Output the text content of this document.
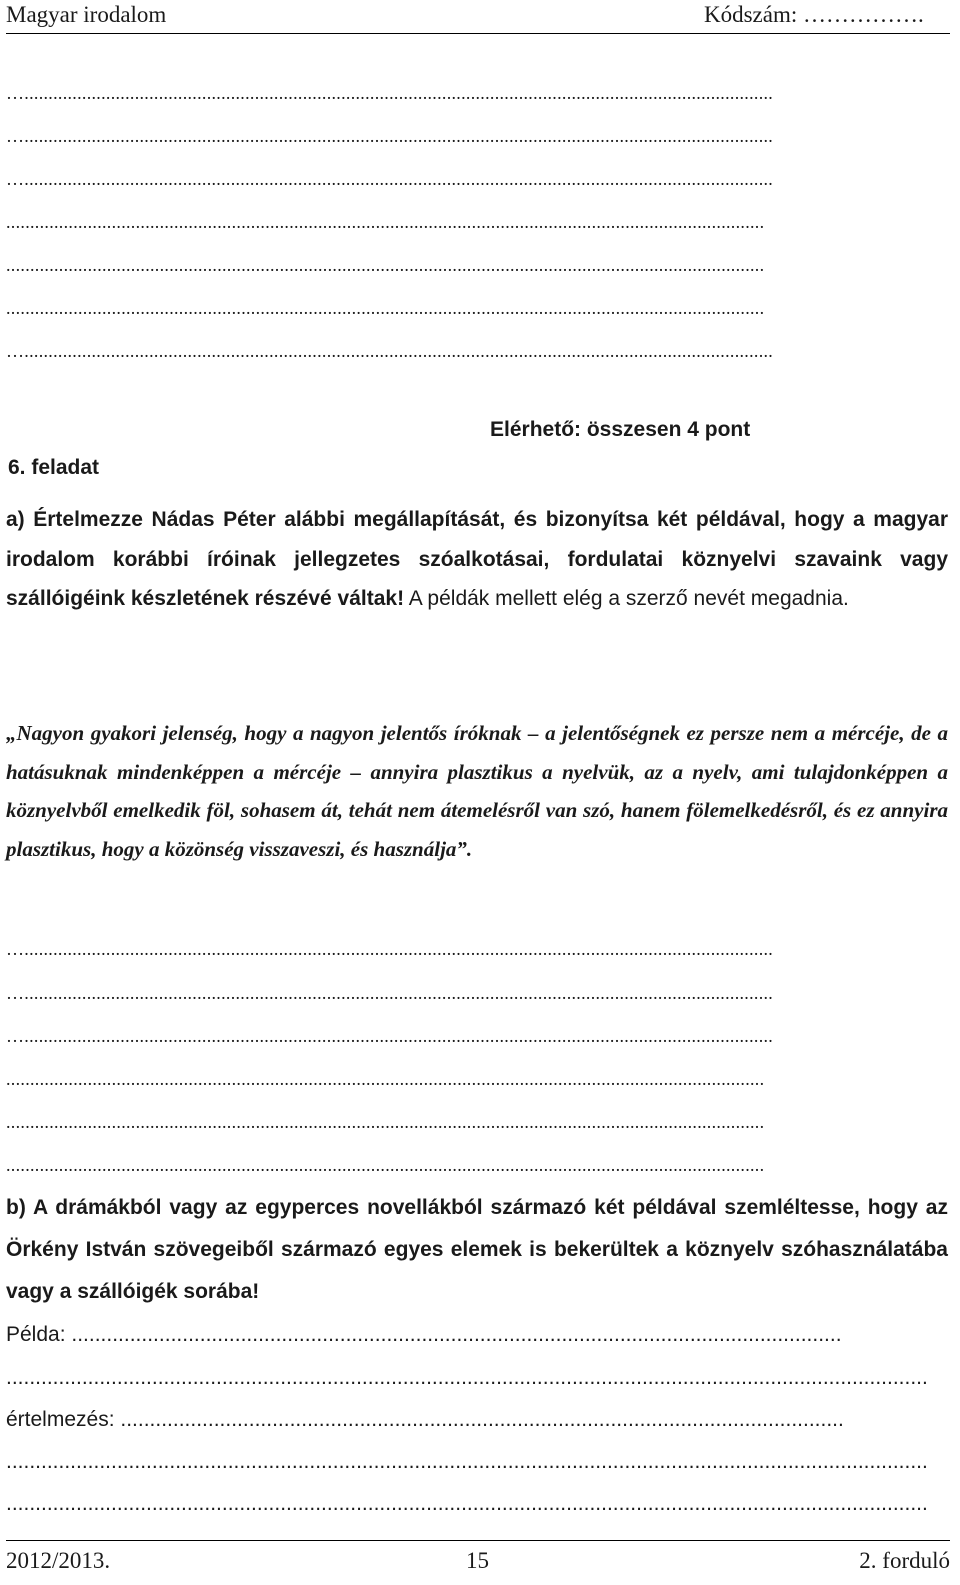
Magyar irodalom	Kódszám: …………….
…............................................................................................................................................................
…............................................................................................................................................................
…............................................................................................................................................................
..............................................................................................................................................................
..............................................................................................................................................................
..............................................................................................................................................................
…............................................................................................................................................................
Elérhető: összesen 4 pont
6. feladat
a) Értelmezze Nádas Péter alábbi megállapítását, és bizonyítsa két példával, hogy a magyar irodalom korábbi íróinak jellegzetes szóalkotásai, fordulatai köznyelvi szavaink vagy szállóigéink készletének részévé váltak! A példák mellett elég a szerző nevét megadnia.
„Nagyon gyakori jelenség, hogy a nagyon jelentős íróknak – a jelentőségnek ez persze nem a mércéje, de a hatásuknak mindenképpen a mércéje – annyira plasztikus a nyelvük, az a nyelv, ami tulajdonképpen a köznyelvből emelkedik föl, sohasem át, tehát nem átemelésről van szó, hanem fölemelkedésről, és ez annyira plasztikus, hogy a közönség visszaveszi, és használja”.
…............................................................................................................................................................
…............................................................................................................................................................
…............................................................................................................................................................
..............................................................................................................................................................
..............................................................................................................................................................
..............................................................................................................................................................
b) A drámákból vagy az egyperces novellákból származó két példával szemléltesse, hogy az Örkény István szövegeiből származó egyes elemek is bekerültek a köznyelv szóhasználatába vagy a szállóigék sorába!
Példa: ....................................................................................................................................
..............................................................................................................................................................
értelmezés: ............................................................................................................................
..............................................................................................................................................................
..............................................................................................................................................................
2012/2013.	15	2. forduló
